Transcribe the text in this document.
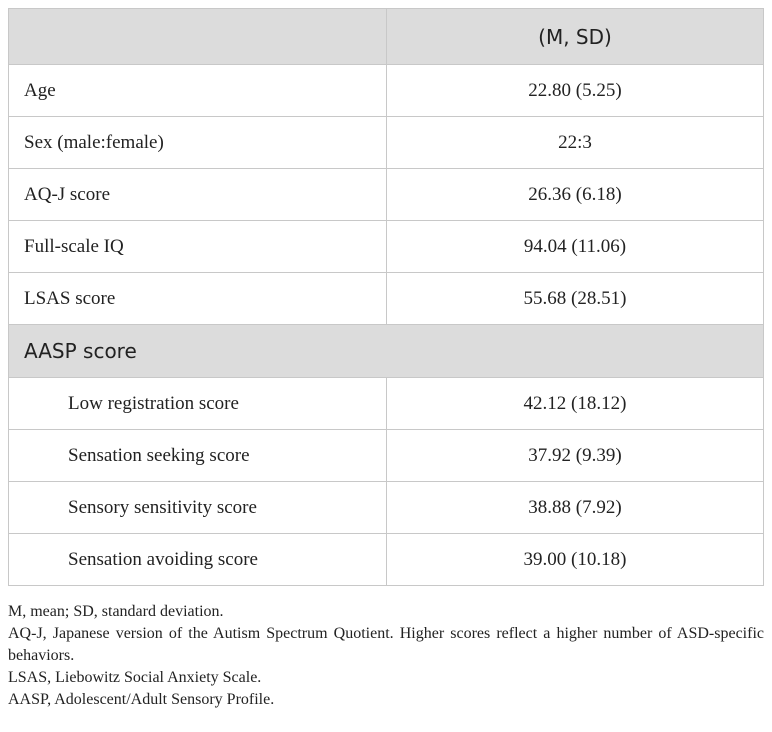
	(M, SD)
Age	22.80 (5.25)
Sex (male:female)	22:3
AQ-J score	26.36 (6.18)
Full-scale IQ	94.04 (11.06)
LSAS score	55.68 (28.51)
AASP score	
Low registration score	42.12 (18.12)
Sensation seeking score	37.92 (9.39)
Sensory sensitivity score	38.88 (7.92)
Sensation avoiding score	39.00 (10.18)

M, mean; SD, standard deviation.

AQ-J, Japanese version of the Autism Spectrum Quotient. Higher scores reflect a higher number of ASD-specific behaviors.

LSAS, Liebowitz Social Anxiety Scale.

AASP, Adolescent/Adult Sensory Profile.
